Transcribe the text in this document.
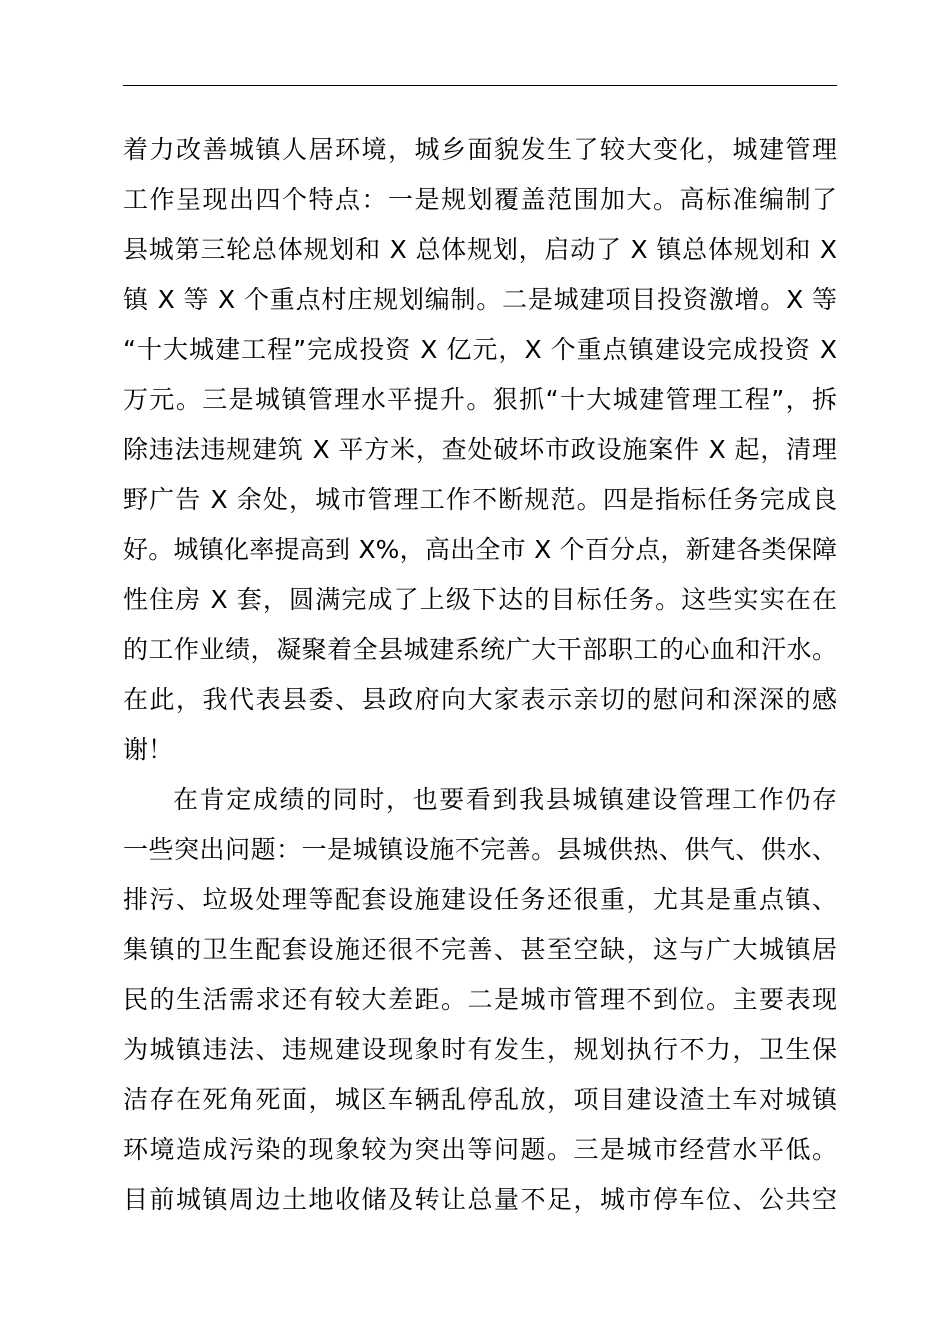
着力改善城镇人居环境，城乡面貌发生了较大变化，城建管理
工作呈现出四个特点：一是规划覆盖范围加大。高标准编制了
县城第三轮总体规划和 X 总体规划，启动了 X 镇总体规划和 X
镇 X 等 X 个重点村庄规划编制。二是城建项目投资激增。X 等
“十大城建工程”完成投资 X 亿元，X 个重点镇建设完成投资 X
万元。三是城镇管理水平提升。狠抓“十大城建管理工程”，拆
除违法违规建筑 X 平方米，查处破坏市政设施案件 X 起，清理
野广告 X 余处，城市管理工作不断规范。四是指标任务完成良
好。城镇化率提高到 X%，高出全市 X 个百分点，新建各类保障
性住房 X 套，圆满完成了上级下达的目标任务。这些实实在在
的工作业绩，凝聚着全县城建系统广大干部职工的心血和汗水。
在此，我代表县委、县政府向大家表示亲切的慰问和深深的感
谢！
在肯定成绩的同时，也要看到我县城镇建设管理工作仍存
一些突出问题：一是城镇设施不完善。县城供热、供气、供水、
排污、垃圾处理等配套设施建设任务还很重，尤其是重点镇、
集镇的卫生配套设施还很不完善、甚至空缺，这与广大城镇居
民的生活需求还有较大差距。二是城市管理不到位。主要表现
为城镇违法、违规建设现象时有发生，规划执行不力，卫生保
洁存在死角死面，城区车辆乱停乱放，项目建设渣土车对城镇
环境造成污染的现象较为突出等问题。三是城市经营水平低。
目前城镇周边土地收储及转让总量不足，城市停车位、公共空
